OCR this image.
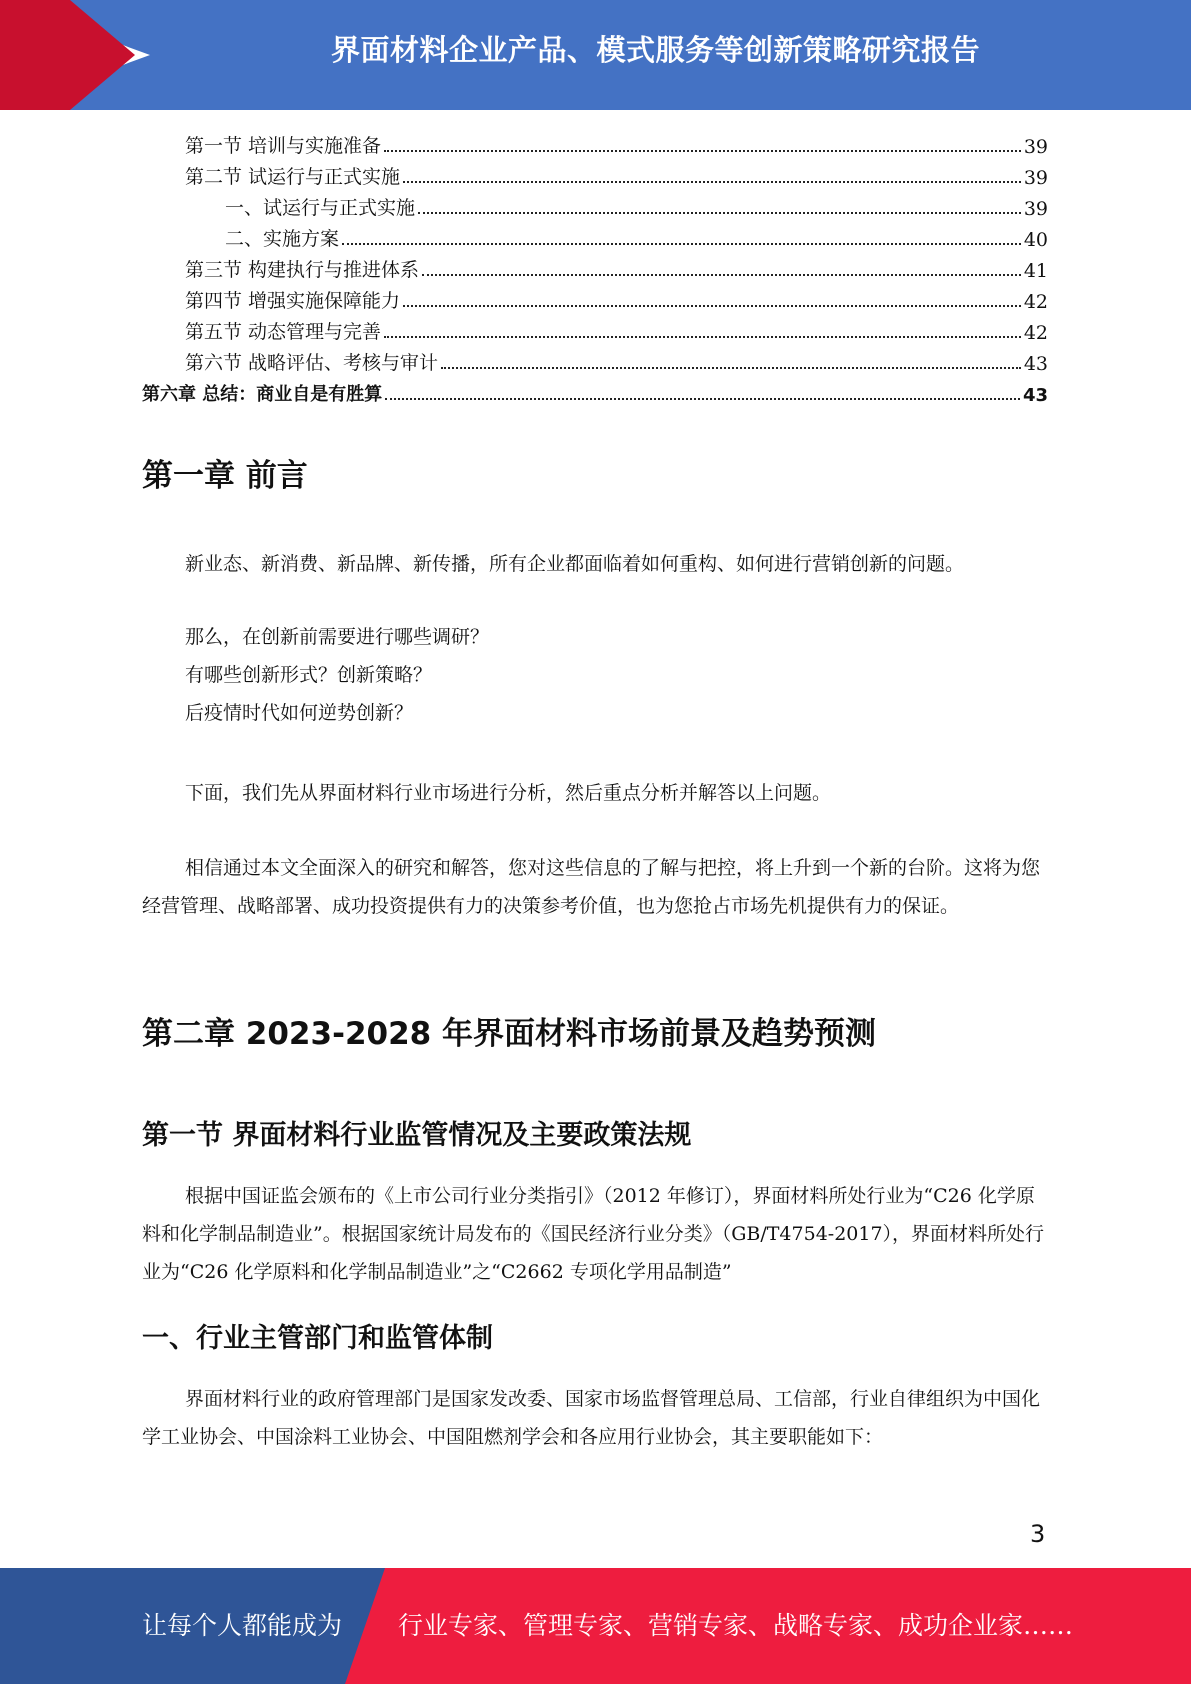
界面材料企业产品、模式服务等创新策略研究报告
第一节 培训与实施准备	39
第二节 试运行与正式实施	39
一、试运行与正式实施	39
二、实施方案	40
第三节 构建执行与推进体系	41
第四节 增强实施保障能力	42
第五节 动态管理与完善	42
第六节 战略评估、考核与审计	43
第六章 总结：商业自是有胜算	43
第一章 前言

新业态、新消费、新品牌、新传播，所有企业都面临着如何重构、如何进行营销创新的问题。

那么，在创新前需要进行哪些调研？

有哪些创新形式？创新策略？

后疫情时代如何逆势创新？

下面，我们先从界面材料行业市场进行分析，然后重点分析并解答以上问题。

相信通过本文全面深入的研究和解答，您对这些信息的了解与把控，将上升到一个新的台阶。这将为您经营管理、战略部署、成功投资提供有力的决策参考价值，也为您抢占市场先机提供有力的保证。

第二章 2023-2028 年界面材料市场前景及趋势预测
第一节 界面材料行业监管情况及主要政策法规

根据中国证监会颁布的《上市公司行业分类指引》（2012 年修订），界面材料所处行业为“C26 化学原料和化学制品制造业”。根据国家统计局发布的《国民经济行业分类》（GB/T4754-2017），界面材料所处行业为“C26 化学原料和化学制品制造业”之“C2662 专项化学用品制造”

一、行业主管部门和监管体制

界面材料行业的政府管理部门是国家发改委、国家市场监督管理总局、工信部，行业自律组织为中国化学工业协会、中国涂料工业协会、中国阻燃剂学会和各应用行业协会，其主要职能如下：

3
让每个人都能成为 行业专家、管理专家、营销专家、战略专家、成功企业家……
